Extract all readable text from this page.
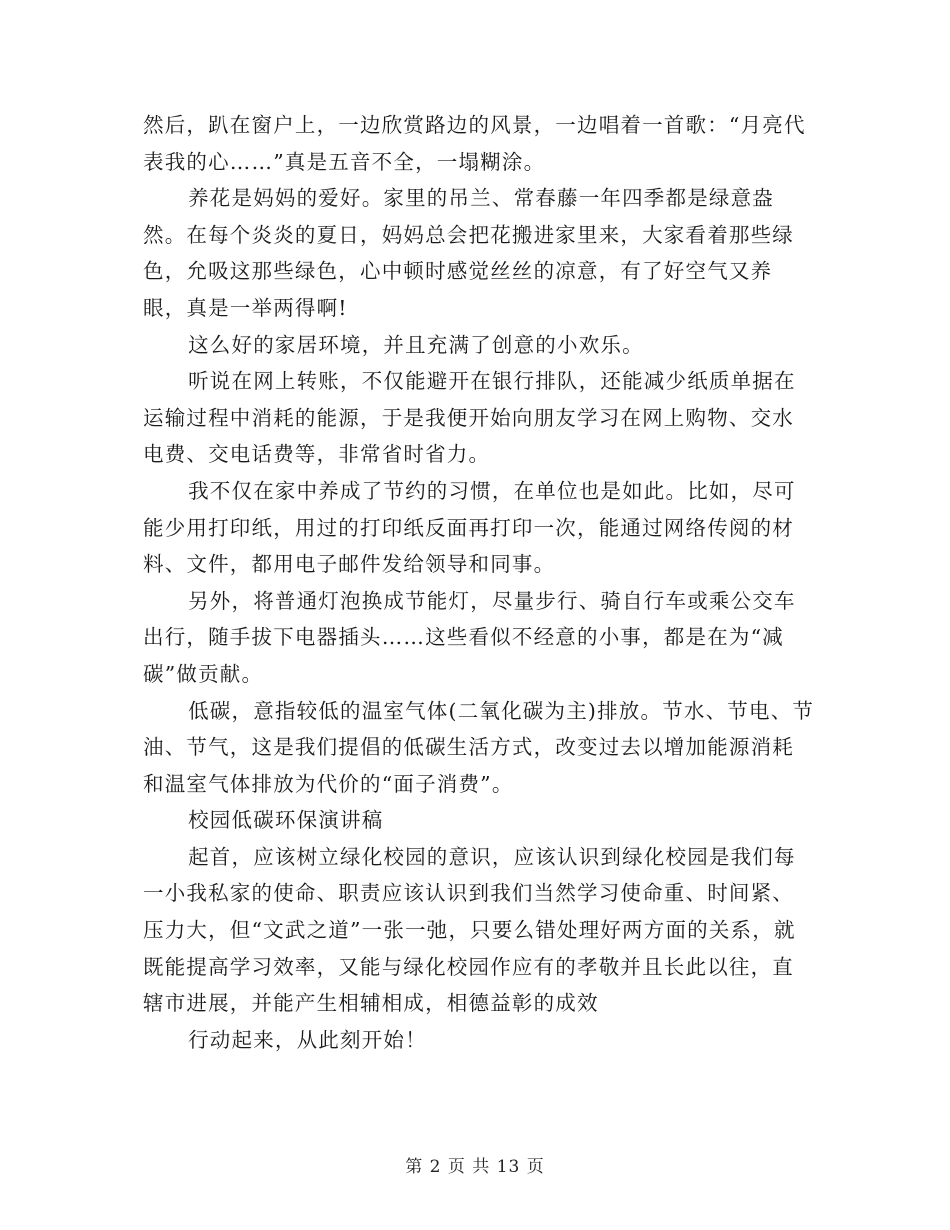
然后，趴在窗户上，一边欣赏路边的风景，一边唱着一首歌：“月亮代表我的心……”真是五音不全，一塌糊涂。

养花是妈妈的爱好。家里的吊兰、常春藤一年四季都是绿意盎然。在每个炎炎的夏日，妈妈总会把花搬进家里来，大家看着那些绿色，允吸这那些绿色，心中顿时感觉丝丝的凉意，有了好空气又养眼，真是一举两得啊!

这么好的家居环境，并且充满了创意的小欢乐。

听说在网上转账，不仅能避开在银行排队，还能减少纸质单据在运输过程中消耗的能源，于是我便开始向朋友学习在网上购物、交水电费、交电话费等，非常省时省力。

我不仅在家中养成了节约的习惯，在单位也是如此。比如，尽可能少用打印纸，用过的打印纸反面再打印一次，能通过网络传阅的材料、文件，都用电子邮件发给领导和同事。

另外，将普通灯泡换成节能灯，尽量步行、骑自行车或乘公交车出行，随手拔下电器插头……这些看似不经意的小事，都是在为“减碳”做贡献。

低碳，意指较低的温室气体(二氧化碳为主)排放。节水、节电、节油、节气，这是我们提倡的低碳生活方式，改变过去以增加能源消耗和温室气体排放为代价的“面子消费”。

校园低碳环保演讲稿

起首，应该树立绿化校园的意识，应该认识到绿化校园是我们每一小我私家的使命、职责应该认识到我们当然学习使命重、时间紧、压力大，但“文武之道”一张一弛，只要么错处理好两方面的关系，就既能提高学习效率，又能与绿化校园作应有的孝敬并且长此以往，直辖市进展，并能产生相辅相成，相德益彰的成效

行动起来，从此刻开始！

第 2 页 共 13 页
